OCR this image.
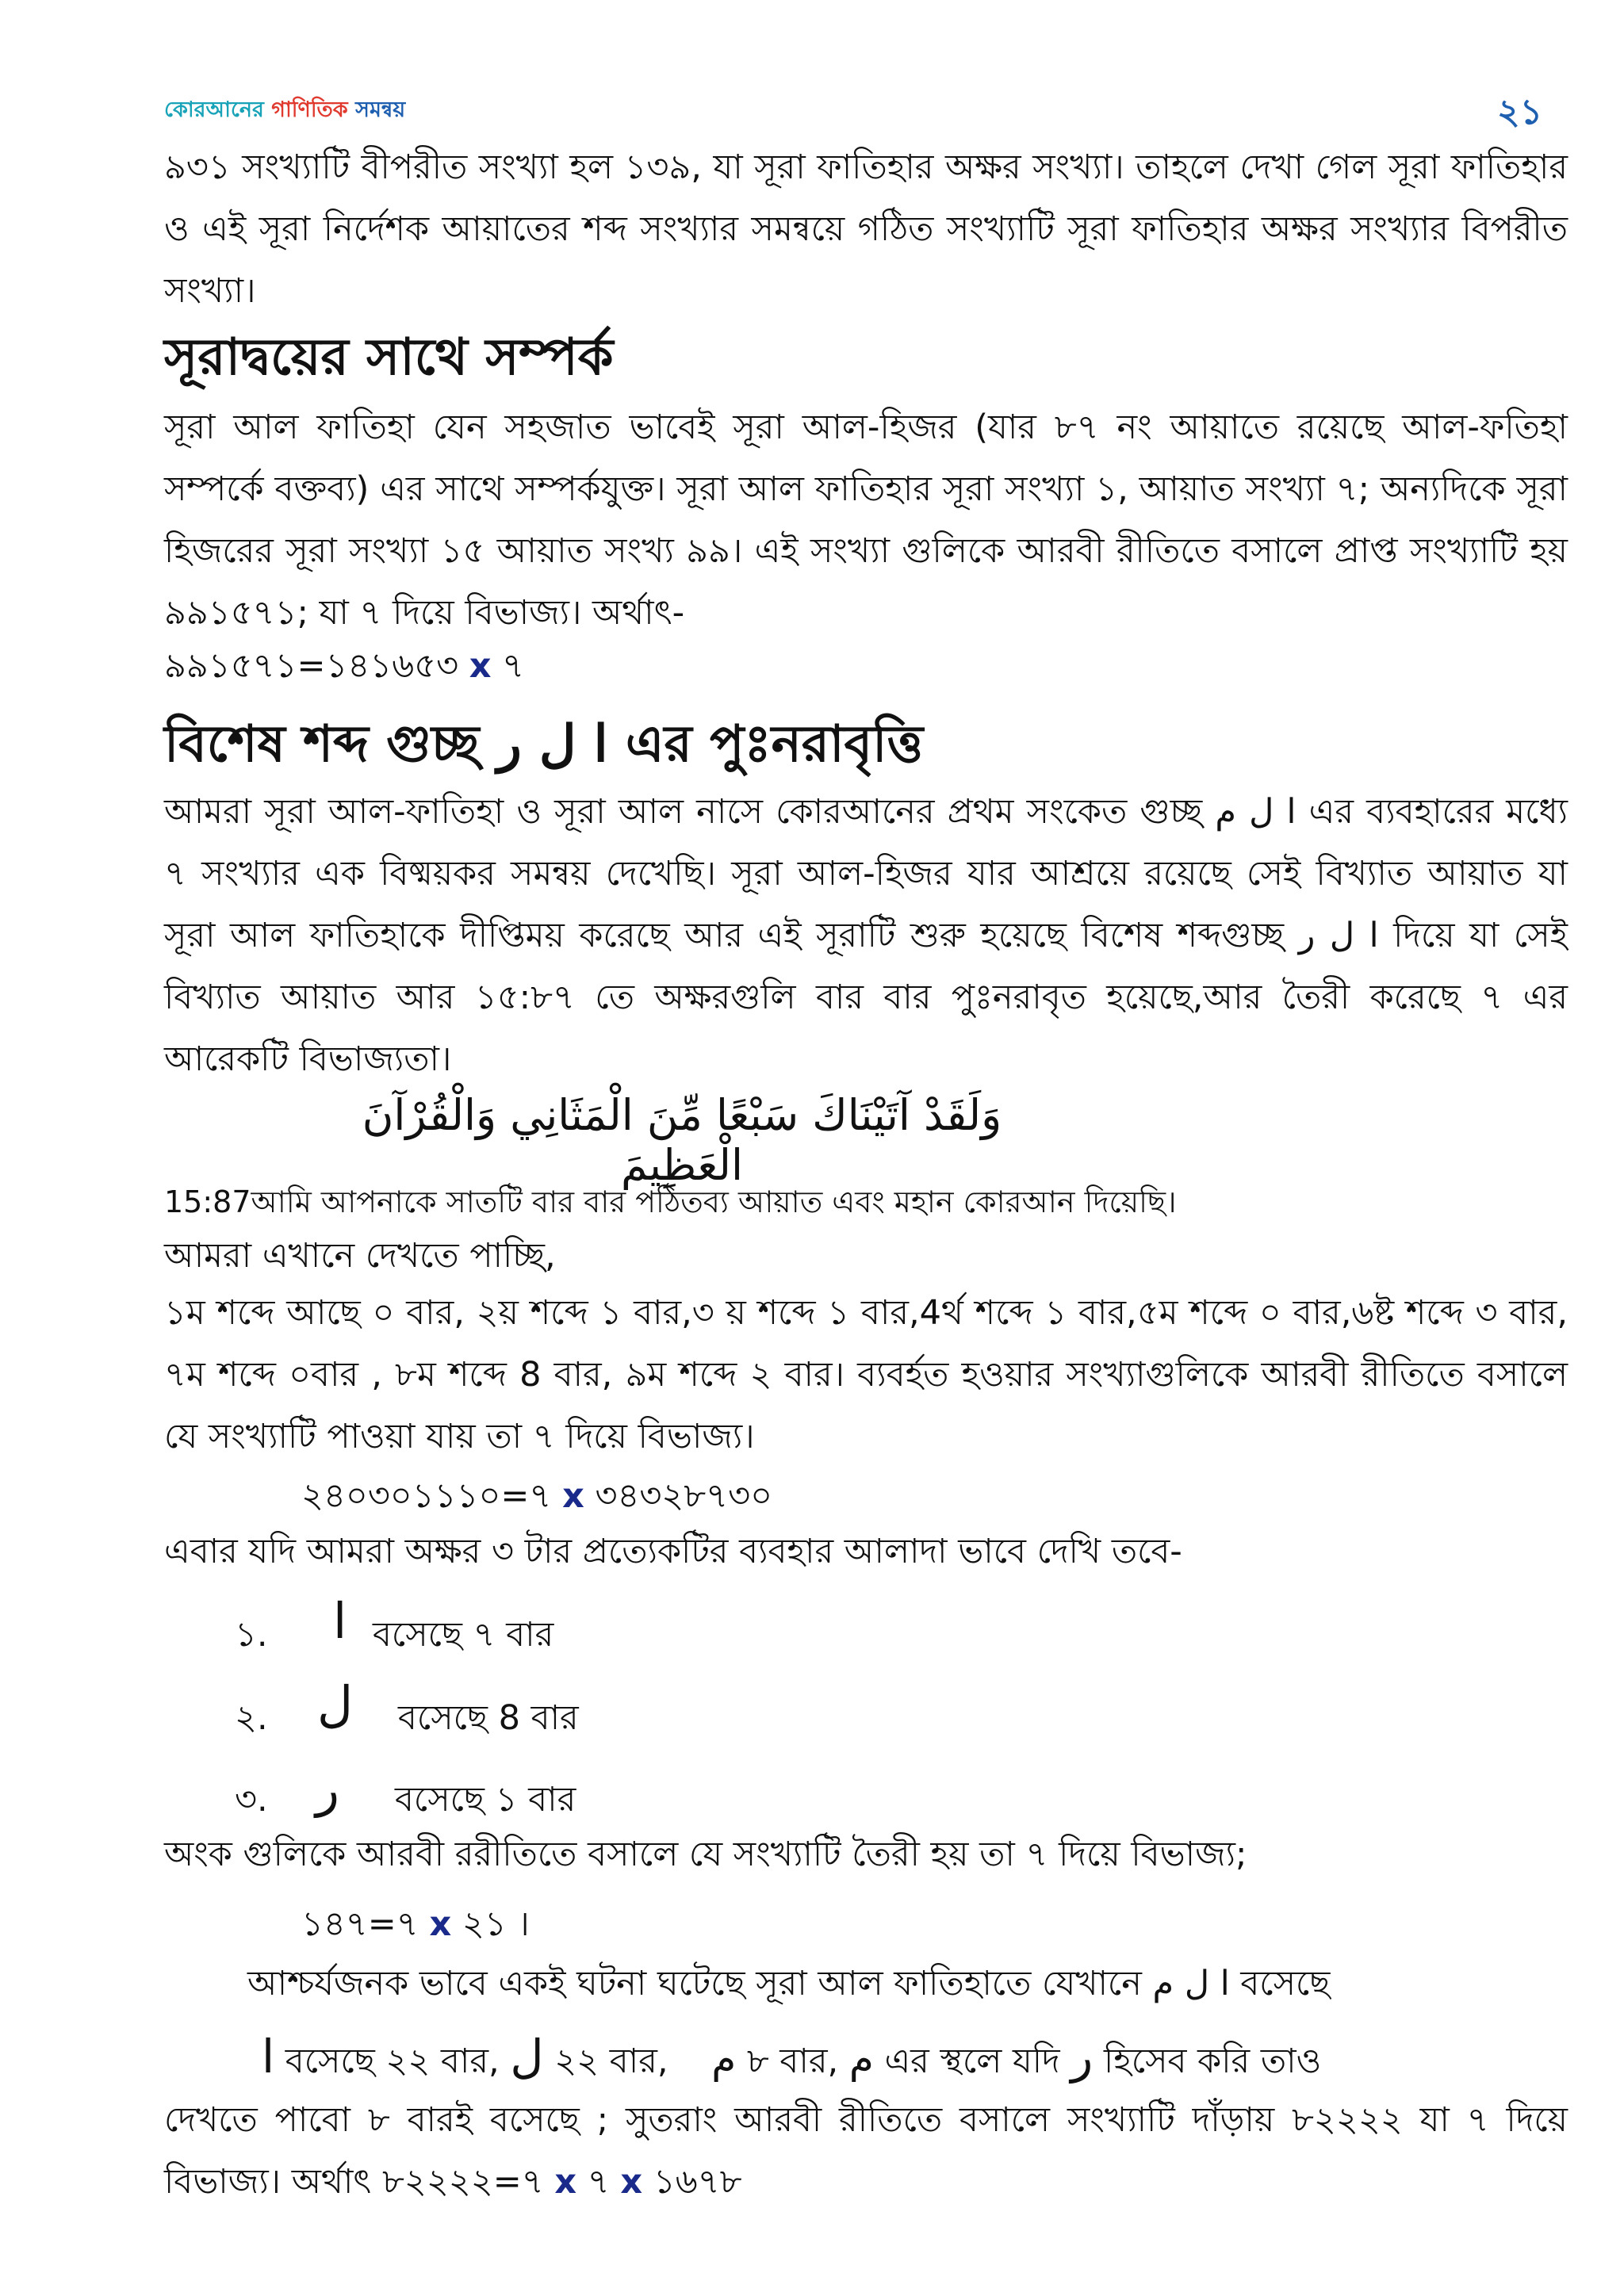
কোরআনের গাণিতিক সমন্বয়	২১
৯৩১ সংখ্যাটি বীপরীত সংখ্যা হল ১৩৯, যা সূরা ফাতিহার অক্ষর সংখ্যা। তাহলে দেখা গেল সূরা ফাতিহার ও এই সূরা নির্দেশক আয়াতের শব্দ সংখ্যার সমন্বয়ে গঠিত সংখ্যাটি সূরা ফাতিহার অক্ষর সংখ্যার বিপরীত সংখ্যা।
সূরাদ্বয়ের সাথে সম্পর্ক
সূরা আল ফাতিহা যেন সহজাত ভাবেই সূরা আল-হিজর (যার ৮৭ নং আয়াতে রয়েছে আল-ফতিহা সম্পর্কে বক্তব্য) এর সাথে সম্পর্কযুক্ত। সূরা আল ফাতিহার সূরা সংখ্যা ১, আয়াত সংখ্যা ৭; অন্যদিকে সূরা হিজরের সূরা সংখ্যা ১৫ আয়াত সংখ্য ৯৯। এই সংখ্যা গুলিকে আরবী রীতিতে বসালে প্রাপ্ত সংখ্যাটি হয় ৯৯১৫৭১; যা ৭ দিয়ে বিভাজ্য। অর্থাৎ-
৯৯১৫৭১=১৪১৬৫৩ x ৭
বিশেষ শব্দ গুচ্ছ ا ل ر এর পুঃনরাবৃত্তি
আমরা সূরা আল-ফাতিহা ও সূরা আল নাসে কোরআনের প্রথম সংকেত গুচ্ছ ا ل م এর ব্যবহারের মধ্যে ৭ সংখ্যার এক বিষ্ময়কর সমন্বয় দেখেছি। সূরা আল-হিজর যার আশ্রয়ে রয়েছে সেই বিখ্যাত আয়াত যা সূরা আল ফাতিহাকে দীপ্তিময় করেছে আর এই সূরাটি শুরু হয়েছে বিশেষ শব্দগুচ্ছ ا ل ر দিয়ে যা সেই বিখ্যাত আয়াত আর ১৫:৮৭ তে অক্ষরগুলি বার বার পুঃনরাবৃত হয়েছে,আর তৈরী করেছে ৭ এর আরেকটি বিভাজ্যতা।
وَلَقَدْ آتَيْنَاكَ سَبْعًا مِّنَ الْمَثَانِي وَالْقُرْآنَ الْعَظِيمَ
15:87আমি আপনাকে সাতটি বার বার পঠিতব্য আয়াত এবং মহান কোরআন দিয়েছি।
আমরা এখানে দেখতে পাচ্ছি,
১ম শব্দে আছে ০ বার, ২য় শব্দে ১ বার,৩ য় শব্দে ১ বার,4র্থ শব্দে ১ বার,৫ম শব্দে ০ বার,৬ষ্ট শব্দে ৩ বার, ৭ম শব্দে ০বার , ৮ম শব্দে 8 বার, ৯ম শব্দে ২ বার। ব্যবর্হত হওয়ার সংখ্যাগুলিকে আরবী রীতিতে বসালে যে সংখ্যাটি পাওয়া যায় তা ৭ দিয়ে বিভাজ্য।
২৪০৩০১১১০=৭ x ৩৪৩২৮৭৩০
এবার যদি আমরা অক্ষর ৩ টার প্রত্যেকটির ব্যবহার আলাদা ভাবে দেখি তবে-
১. ا বসেছে ৭ বার
২. ل বসেছে 8 বার
৩. ر বসেছে ১ বার
অংক গুলিকে আরবী ররীতিতে বসালে যে সংখ্যাটি তৈরী হয় তা ৭ দিয়ে বিভাজ্য;
১৪৭=৭ x ২১ ।
আশ্চর্যজনক ভাবে একই ঘটনা ঘটেছে সূরা আল ফাতিহাতে যেখানে ا ل م বসেছে
ا বসেছে ২২ বার, ل ২২ বার, م ৮ বার, م এর স্থলে যদি ر হিসেব করি তাও
দেখতে পাবো ৮ বারই বসেছে ; সুতরাং আরবী রীতিতে বসালে সংখ্যাটি দাঁড়ায় ৮২২২২ যা ৭ দিয়ে বিভাজ্য। অর্থাৎ ৮২২২২=৭ x ৭ x ১৬৭৮
